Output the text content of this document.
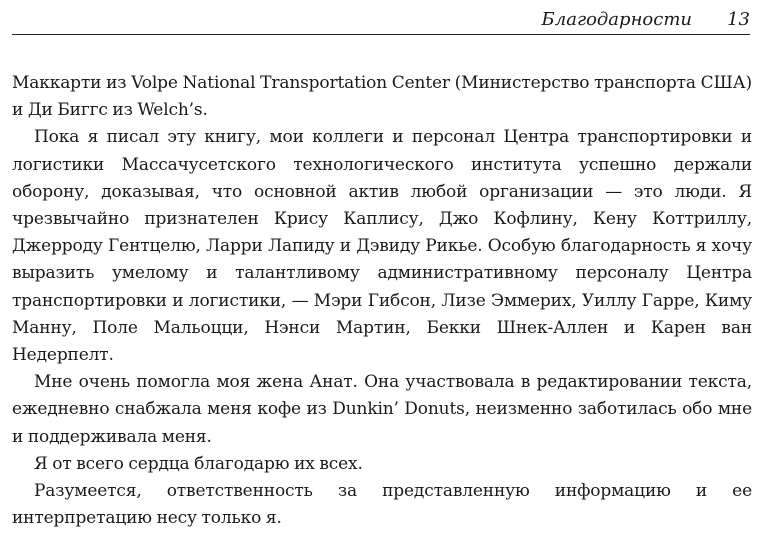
Благодарности 13

Маккарти из Volpe National Transportation Center (Министерство транспорта США) и Ди Биггс из Welch’s.

Пока я писал эту книгу, мои коллеги и персонал Центра транспортировки и логистики Массачусетского технологического института успешно держали оборону, доказывая, что основной актив любой организации — это люди. Я чрезвычайно признателен Крису Каплису, Джо Кофлину, Кену Коттриллу, Джерроду Гентцелю, Ларри Лапиду и Дэвиду Рикье. Особую благодарность я хочу выразить умелому и талантливому административному персоналу Центра транспортировки и логистики, — Мэри Гибсон, Лизе Эммерих, Уиллу Гарре, Киму Манну, Поле Мальоцци, Нэнси Мартин, Бекки Шнек-Аллен и Карен ван Недерпелт.

Мне очень помогла моя жена Анат. Она участвовала в редактировании текста, ежедневно снабжала меня кофе из Dunkin’ Donuts, неизменно заботилась обо мне и поддерживала меня.

Я от всего сердца благодарю их всех.

Разумеется, ответственность за представленную информацию и ее интерпретацию несу только я.
